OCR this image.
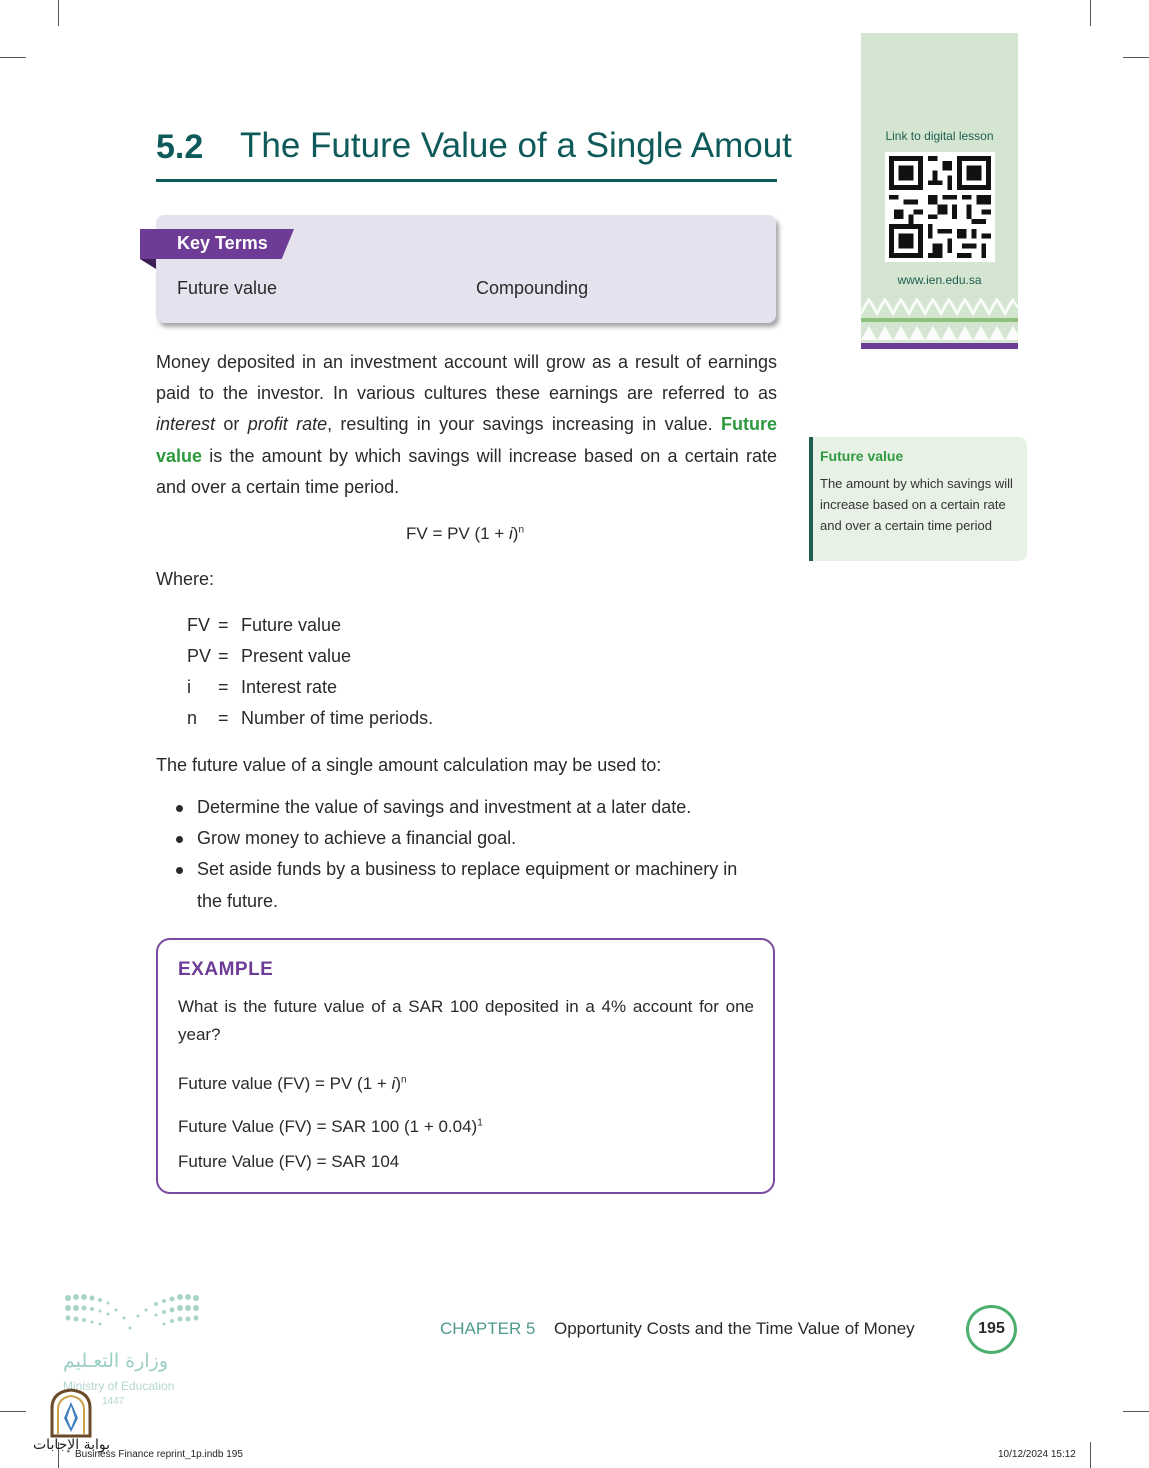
5.2 The Future Value of a Single Amout
Key Terms
Future value	Compounding
Money deposited in an investment account will grow as a result of earnings paid to the investor. In various cultures these earnings are referred to as interest or profit rate, resulting in your savings increasing in value. Future value is the amount by which savings will increase based on a certain rate and over a certain time period.
FV = PV $(1 + i)^n$
Where:
FV = Future value
PV = Present value
i	= Interest rate
n	= Number of time periods.
The future value of a single amount calculation may be used to:
Determine the value of savings and investment at a later date.
Grow money to achieve a financial goal.
Set aside funds by a business to replace equipment or machinery in the future.
EXAMPLE
What is the future value of a SAR 100 deposited in a 4% account for one year?
Future value (FV) = PV $(1 + i)^n$
Future Value (FV) = SAR 100 $(1 + 0.04)^1$
Future Value (FV) = SAR 104
Link to digital lesson
www.ien.edu.sa
Future value
The amount by which savings will increase based on a certain rate and over a certain time period
CHAPTER 5 Opportunity Costs and the Time Value of Money	195
وزارة التعـليم
Ministry of Education
1447
بوابة الإجابات
Business Finance reprint_1p.indb 195	10/12/2024 15:12
